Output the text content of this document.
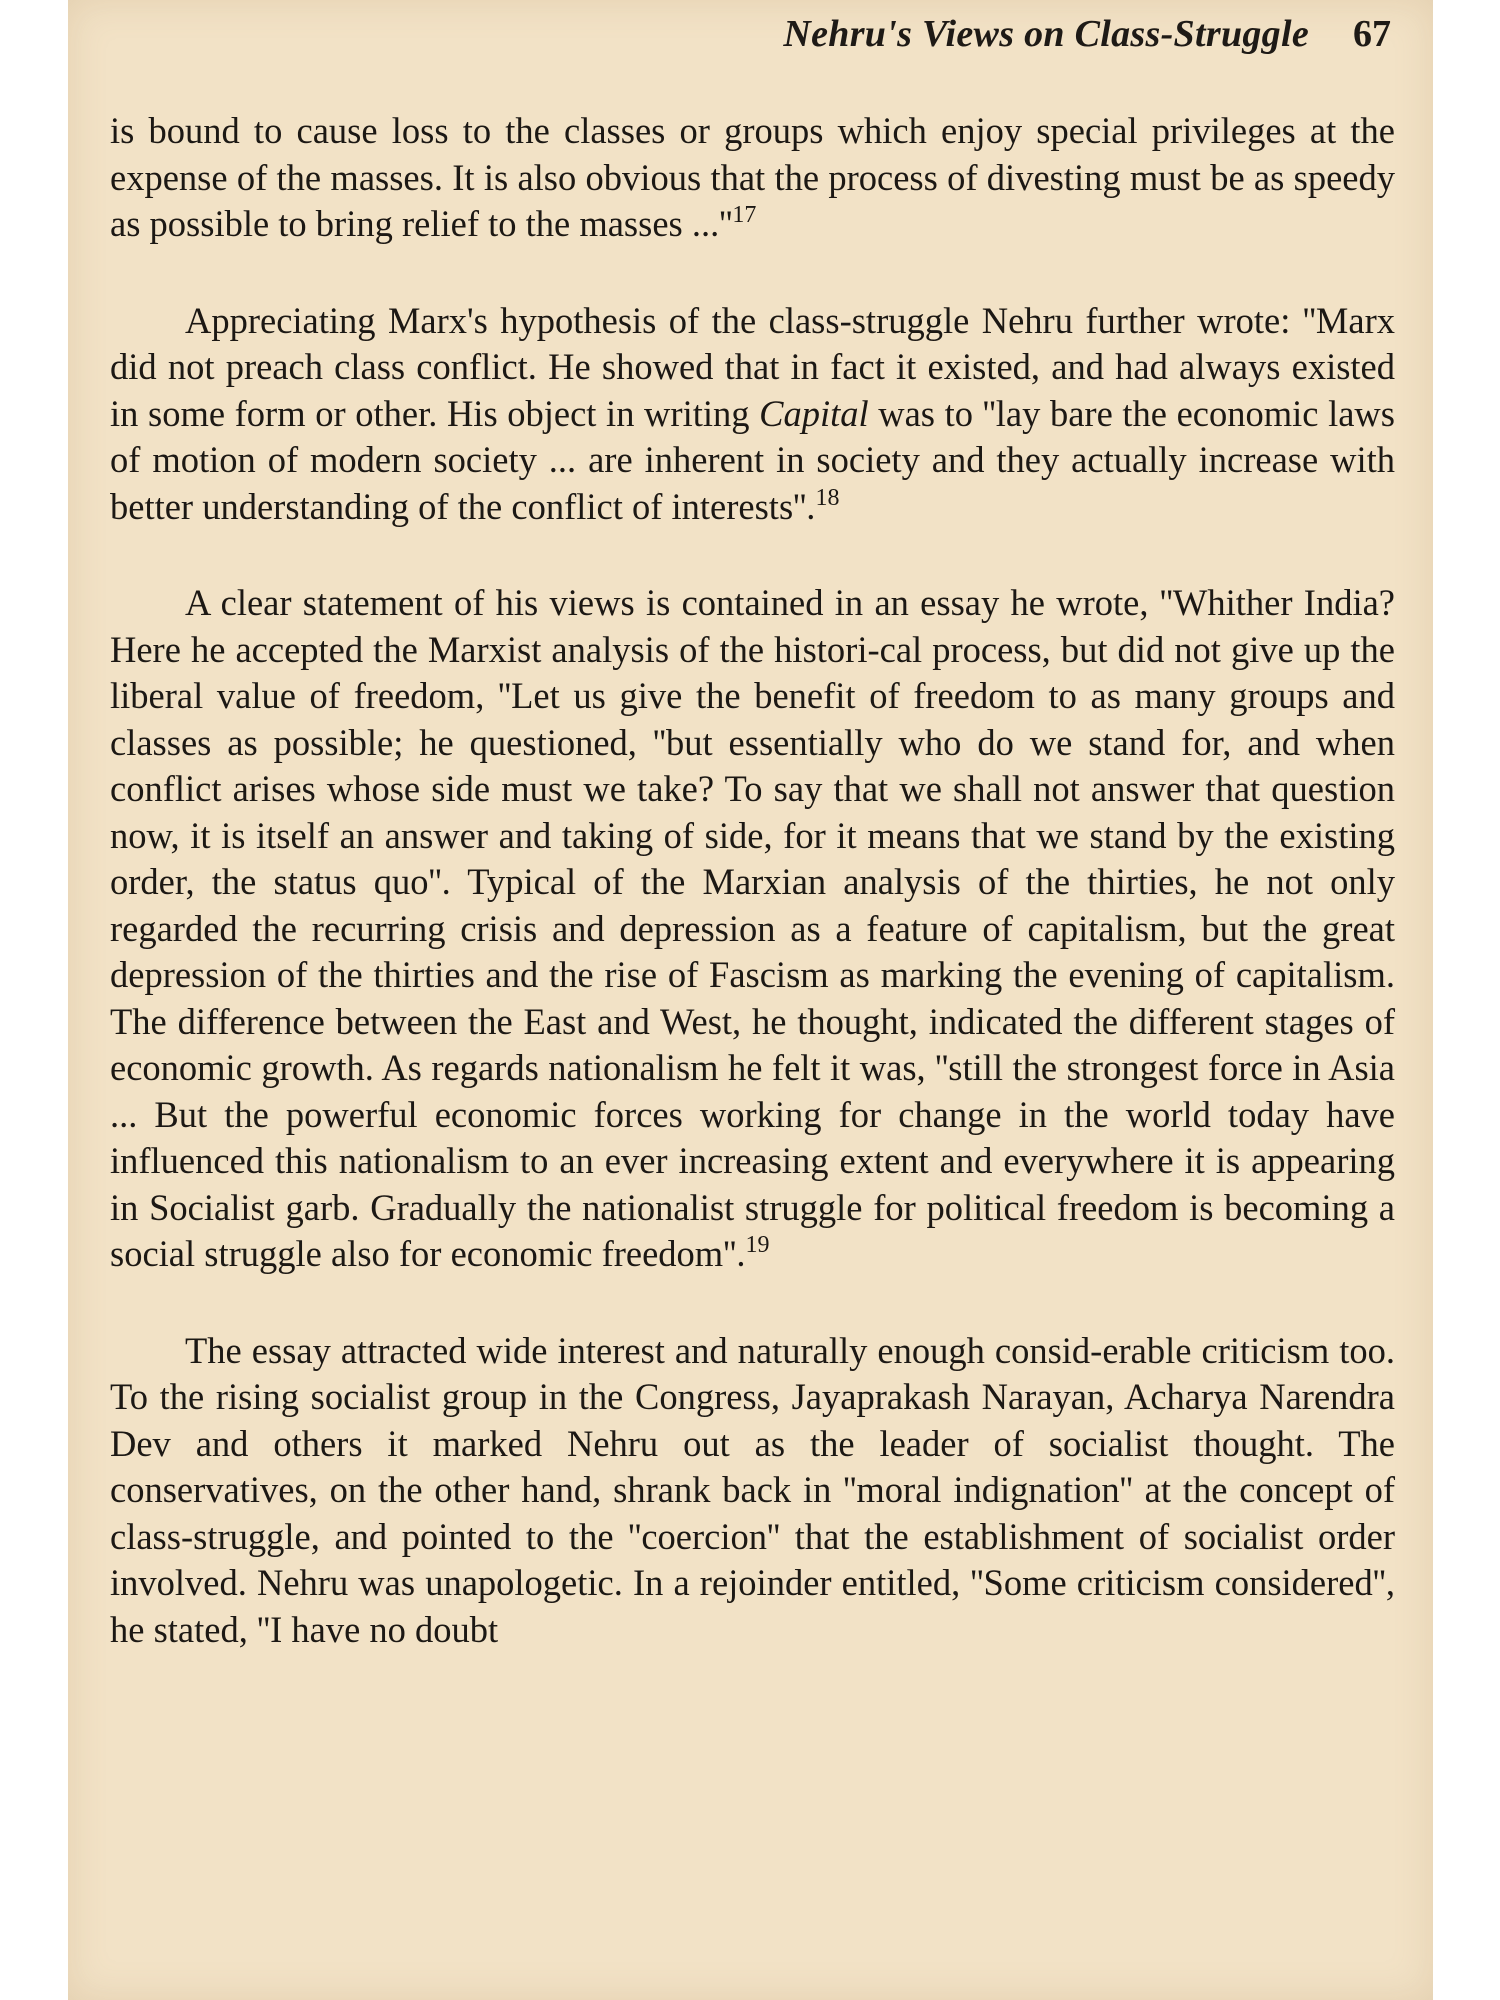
Nehru's Views on Class-Struggle 67

is bound to cause loss to the classes or groups which enjoy special privileges at the expense of the masses. It is also obvious that the process of divesting must be as speedy as possible to bring relief to the masses $...''^{17}$

Appreciating Marx's hypothesis of the class-struggle Nehru further wrote: ''Marx did not preach class conflict. He showed that in fact it existed, and had always existed in some form or other. His object in writing Capital was to ''lay bare the economic laws of motion of modern society ... are inherent in society and they actually increase with better understanding of the conflict of interests''.$^{18}$

A clear statement of his views is contained in an essay he wrote, ''Whither India?Here he accepted the Marxist analysis of the histori-cal process, but did not give up the liberal value of freedom, ''Let us give the benefit of freedom to as many groups and classes as possible; he questioned, ''but essentially who do we stand for, and when conflict arises whose side must we take? To say that we shall not answer that question now, it is itself an answer and taking of side, for it means that we stand by the existing order, the status quo''. Typical of the Marxian analysis of the thirties, he not only regarded the recurring crisis and depression as a feature of capitalism, but the great depression of the thirties and the rise of Fascism as marking the evening of capitalism. The difference between the East and West, he thought, indicated the different stages of economic growth. As regards nationalism he felt it was, ''still the strongest force in Asia ... But the powerful economic forces working for change in the world today have influenced this nationalism to an ever increasing extent and everywhere it is appearing in Socialist garb. Gradually the nationalist struggle for political freedom is becoming a social struggle also for economic freedom''.$^{19}$

The essay attracted wide interest and naturally enough consid-erable criticism too. To the rising socialist group in the Congress, Jayaprakash Narayan, Acharya Narendra Dev and others it marked Nehru out as the leader of socialist thought. The conservatives, on the other hand, shrank back in ''moral indignation'' at the concept of class-struggle, and pointed to the ''coercion'' that the establishment of socialist order involved. Nehru was unapologetic. In a rejoinder entitled, ''Some criticism considered'', he stated, ''I have no doubt
